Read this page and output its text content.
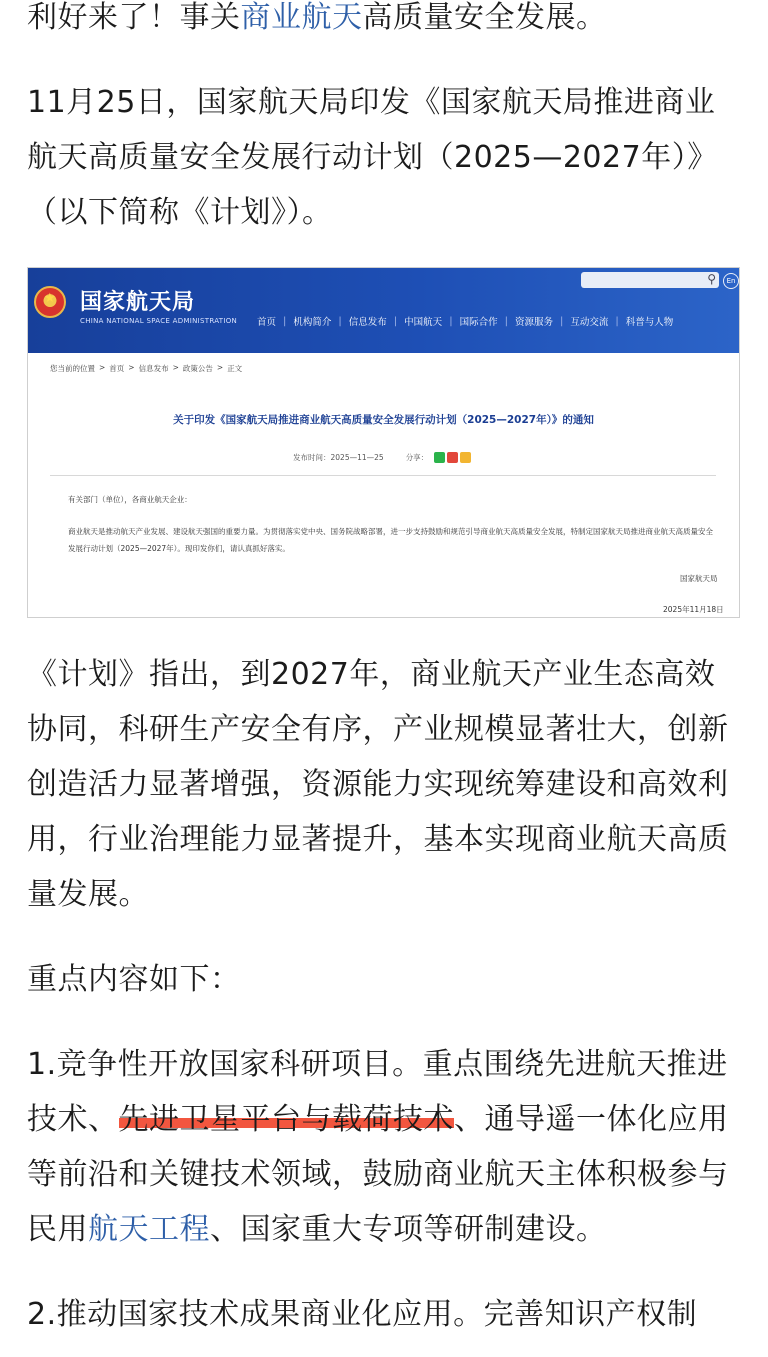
利好来了！事关商业航天高质量安全发展。

11月25日，国家航天局印发《国家航天局推进商业航天高质量安全发展行动计划（2025—2027年）》（以下简称《计划》）。

★ 国家航天局
CHINA NATIONAL SPACE ADMINISTRATION
⚲	En
首页 | 机构简介 | 信息发布 | 中国航天 | 国际合作 | 资源服务 | 互动交流 | 科普与人物
您当前的位置 > 首页 > 信息发布 > 政策公告 > 正文
关于印发《国家航天局推进商业航天高质量安全发展行动计划（2025—2027年）》的通知
发布时间：2025—11—25	分享：
有关部门（单位），各商业航天企业：
商业航天是推动航天产业发展、建设航天强国的重要力量。为贯彻落实党中央、国务院战略部署，进一步支持鼓励和规范引导商业航天高质量安全发展，特制定国家航天局推进商业航天高质量安全发展行动计划（2025—2027年）。现印发你们，请认真抓好落实。
国家航天局
2025年11月18日

《计划》指出，到2027年，商业航天产业生态高效协同，科研生产安全有序，产业规模显著壮大，创新创造活力显著增强，资源能力实现统筹建设和高效利用，行业治理能力显著提升，基本实现商业航天高质量发展。

重点内容如下：

1.竞争性开放国家科研项目。重点围绕先进航天推进技术、先进卫星平台与载荷技术、通导遥一体化应用等前沿和关键技术领域，鼓励商业航天主体积极参与民用航天工程、国家重大专项等研制建设。

2.推动国家技术成果商业化应用。完善知识产权制
